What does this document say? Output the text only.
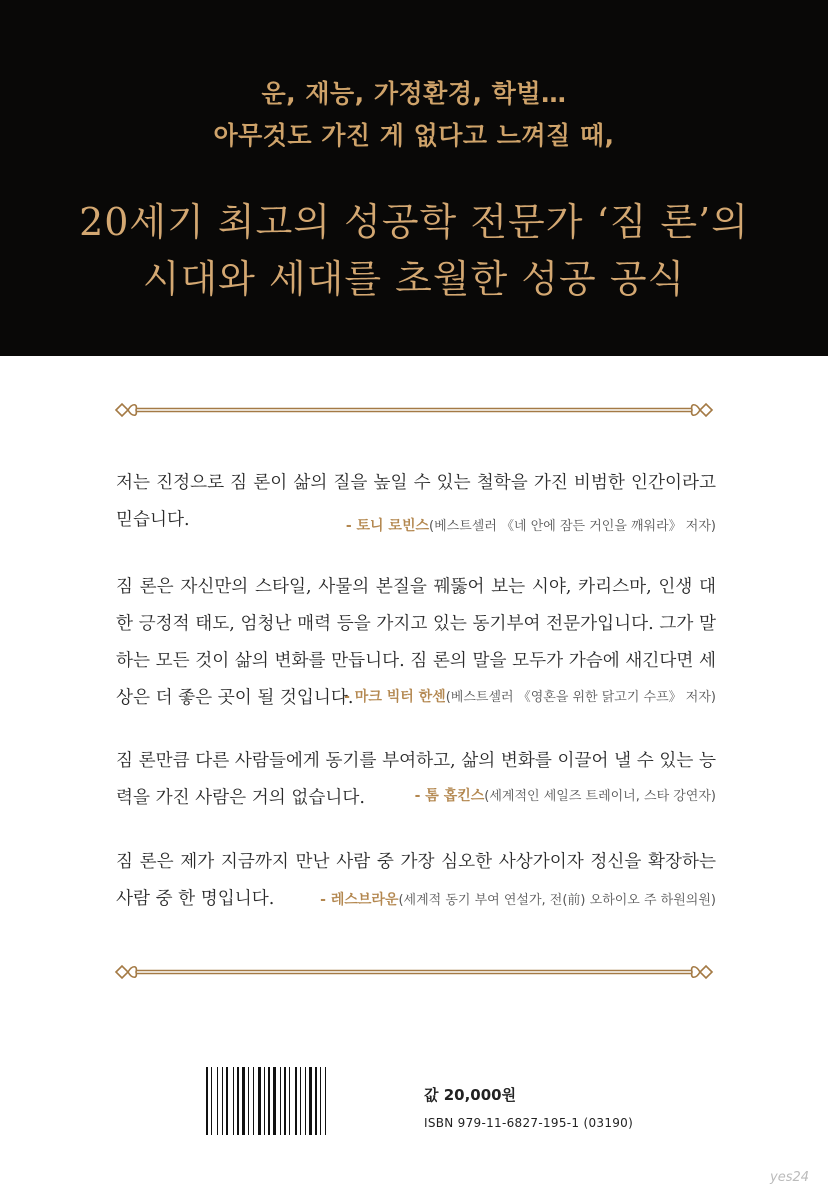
운, 재능, 가정환경, 학벌…
아무것도 가진 게 없다고 느껴질 때,
20세기 최고의 성공학 전문가 ‘짐 론’의
시대와 세대를 초월한 성공 공식
저는 진정으로 짐 론이 삶의 질을 높일 수 있는 철학을 가진 비범한 인간이라고 믿습니다.	- 토니 로빈스(베스트셀러 《네 안에 잠든 거인을 깨워라》 저자)
짐 론은 자신만의 스타일, 사물의 본질을 꿰뚫어 보는 시야, 카리스마, 인생 대한 긍정적 태도, 엄청난 매력 등을 가지고 있는 동기부여 전문가입니다. 그가 말하는 모든 것이 삶의 변화를 만듭니다. 짐 론의 말을 모두가 가슴에 새긴다면 세상은 더 좋은 곳이 될 것입니다.
- 마크 빅터 한센(베스트셀러 《영혼을 위한 닭고기 수프》 저자)
짐 론만큼 다른 사람들에게 동기를 부여하고, 삶의 변화를 이끌어 낼 수 있는 능력을 가진 사람은 거의 없습니다.	- 톰 홉킨스(세계적인 세일즈 트레이너, 스타 강연자)
짐 론은 제가 지금까지 만난 사람 중 가장 심오한 사상가이자 정신을 확장하는 사람 중 한 명입니다.	- 레스브라운(세계적 동기 부여 연설가, 전(前) 오하이오 주 하원의원)
값 20,000원
ISBN 979-11-6827-195-1 (03190)
yes24
